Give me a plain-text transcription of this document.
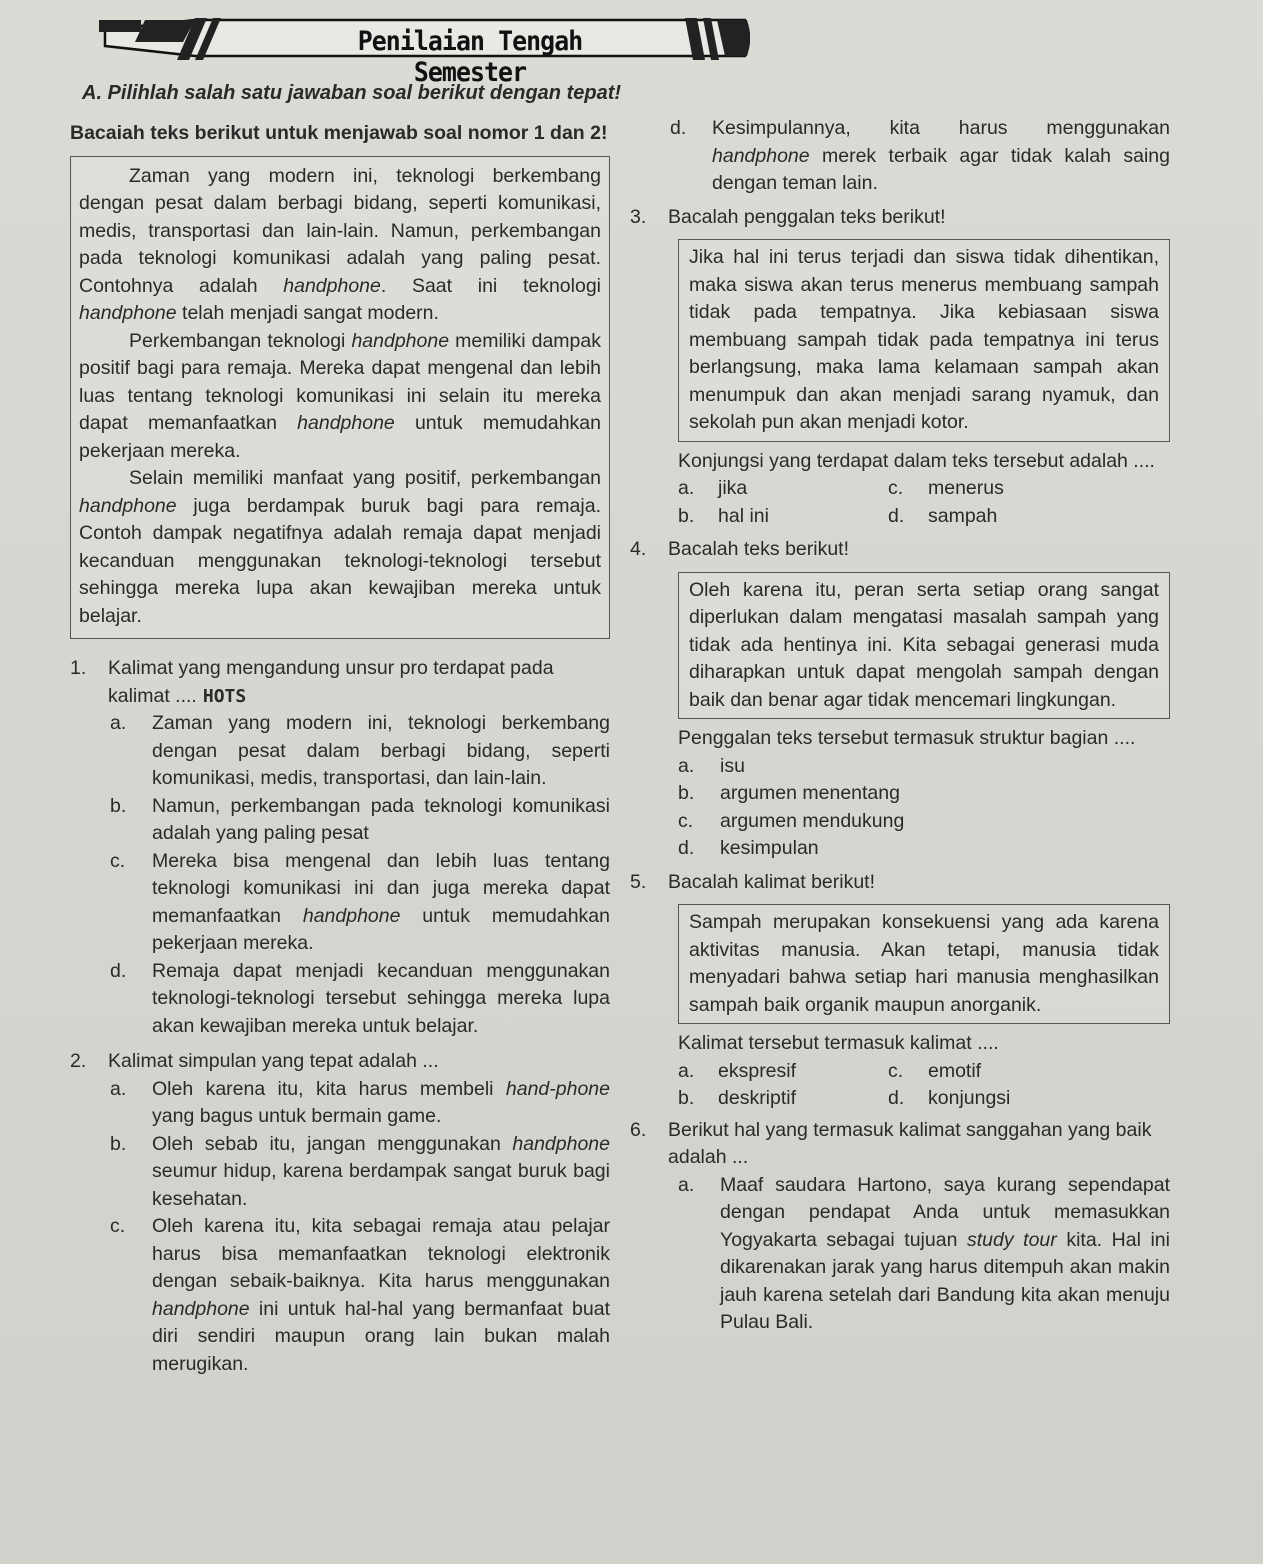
Penilaian Tengah Semester
A. Pilihlah salah satu jawaban soal berikut dengan tepat!
Bacaiah teks berikut untuk menjawab soal nomor 1 dan 2!

Zaman yang modern ini, teknologi berkembang dengan pesat dalam berbagi bidang, seperti komunikasi, medis, transportasi dan lain-lain. Namun, perkembangan pada teknologi komunikasi adalah yang paling pesat. Contohnya adalah handphone. Saat ini teknologi handphone telah menjadi sangat modern.

Perkembangan teknologi handphone memiliki dampak positif bagi para remaja. Mereka dapat mengenal dan lebih luas tentang teknologi komunikasi ini selain itu mereka dapat memanfaatkan handphone untuk memudahkan pekerjaan mereka.

Selain memiliki manfaat yang positif, perkembangan handphone juga berdampak buruk bagi para remaja. Contoh dampak negatifnya adalah remaja dapat menjadi kecanduan menggunakan teknologi-teknologi tersebut sehingga mereka lupa akan kewajiban mereka untuk belajar.

1.	Kalimat yang mengandung unsur pro terdapat pada kalimat .... HOTS
a.	Zaman yang modern ini, teknologi berkembang dengan pesat dalam berbagi bidang, seperti komunikasi, medis, transportasi, dan lain-lain.
b.	Namun, perkembangan pada teknologi komunikasi adalah yang paling pesat
c.	Mereka bisa mengenal dan lebih luas tentang teknologi komunikasi ini dan juga mereka dapat memanfaatkan handphone untuk memudahkan pekerjaan mereka.
d.	Remaja dapat menjadi kecanduan menggunakan teknologi-teknologi tersebut sehingga mereka lupa akan kewajiban mereka untuk belajar.
2.	Kalimat simpulan yang tepat adalah ...
a.	Oleh karena itu, kita harus membeli hand-phone yang bagus untuk bermain game.
b.	Oleh sebab itu, jangan menggunakan handphone seumur hidup, karena berdampak sangat buruk bagi kesehatan.
c.	Oleh karena itu, kita sebagai remaja atau pelajar harus bisa memanfaatkan teknologi elektronik dengan sebaik-baiknya. Kita harus menggunakan handphone ini untuk hal-hal yang bermanfaat buat diri sendiri maupun orang lain bukan malah merugikan.
d.	Kesimpulannya, kita harus menggunakan handphone merek terbaik agar tidak kalah saing dengan teman lain.
3.	Bacalah penggalan teks berikut!
Jika hal ini terus terjadi dan siswa tidak dihentikan, maka siswa akan terus menerus membuang sampah tidak pada tempatnya. Jika kebiasaan siswa membuang sampah tidak pada tempatnya ini terus berlangsung, maka lama kelamaan sampah akan menumpuk dan akan menjadi sarang nyamuk, dan sekolah pun akan menjadi kotor.
Konjungsi yang terdapat dalam teks tersebut adalah ....
a.	jika	c.	menerus
b.	hal ini	d.	sampah
4.	Bacalah teks berikut!
Oleh karena itu, peran serta setiap orang sangat diperlukan dalam mengatasi masalah sampah yang tidak ada hentinya ini. Kita sebagai generasi muda diharapkan untuk dapat mengolah sampah dengan baik dan benar agar tidak mencemari lingkungan.
Penggalan teks tersebut termasuk struktur bagian ....
a.	isu
b.	argumen menentang
c.	argumen mendukung
d.	kesimpulan
5.	Bacalah kalimat berikut!
Sampah merupakan konsekuensi yang ada karena aktivitas manusia. Akan tetapi, manusia tidak menyadari bahwa setiap hari manusia menghasilkan sampah baik organik maupun anorganik.
Kalimat tersebut termasuk kalimat ....
a.	ekspresif	c.	emotif
b.	deskriptif	d.	konjungsi
6.	Berikut hal yang termasuk kalimat sanggahan yang baik adalah ...
a.	Maaf saudara Hartono, saya kurang sependapat dengan pendapat Anda untuk memasukkan Yogyakarta sebagai tujuan study tour kita. Hal ini dikarenakan jarak yang harus ditempuh akan makin jauh karena setelah dari Bandung kita akan menuju Pulau Bali.
